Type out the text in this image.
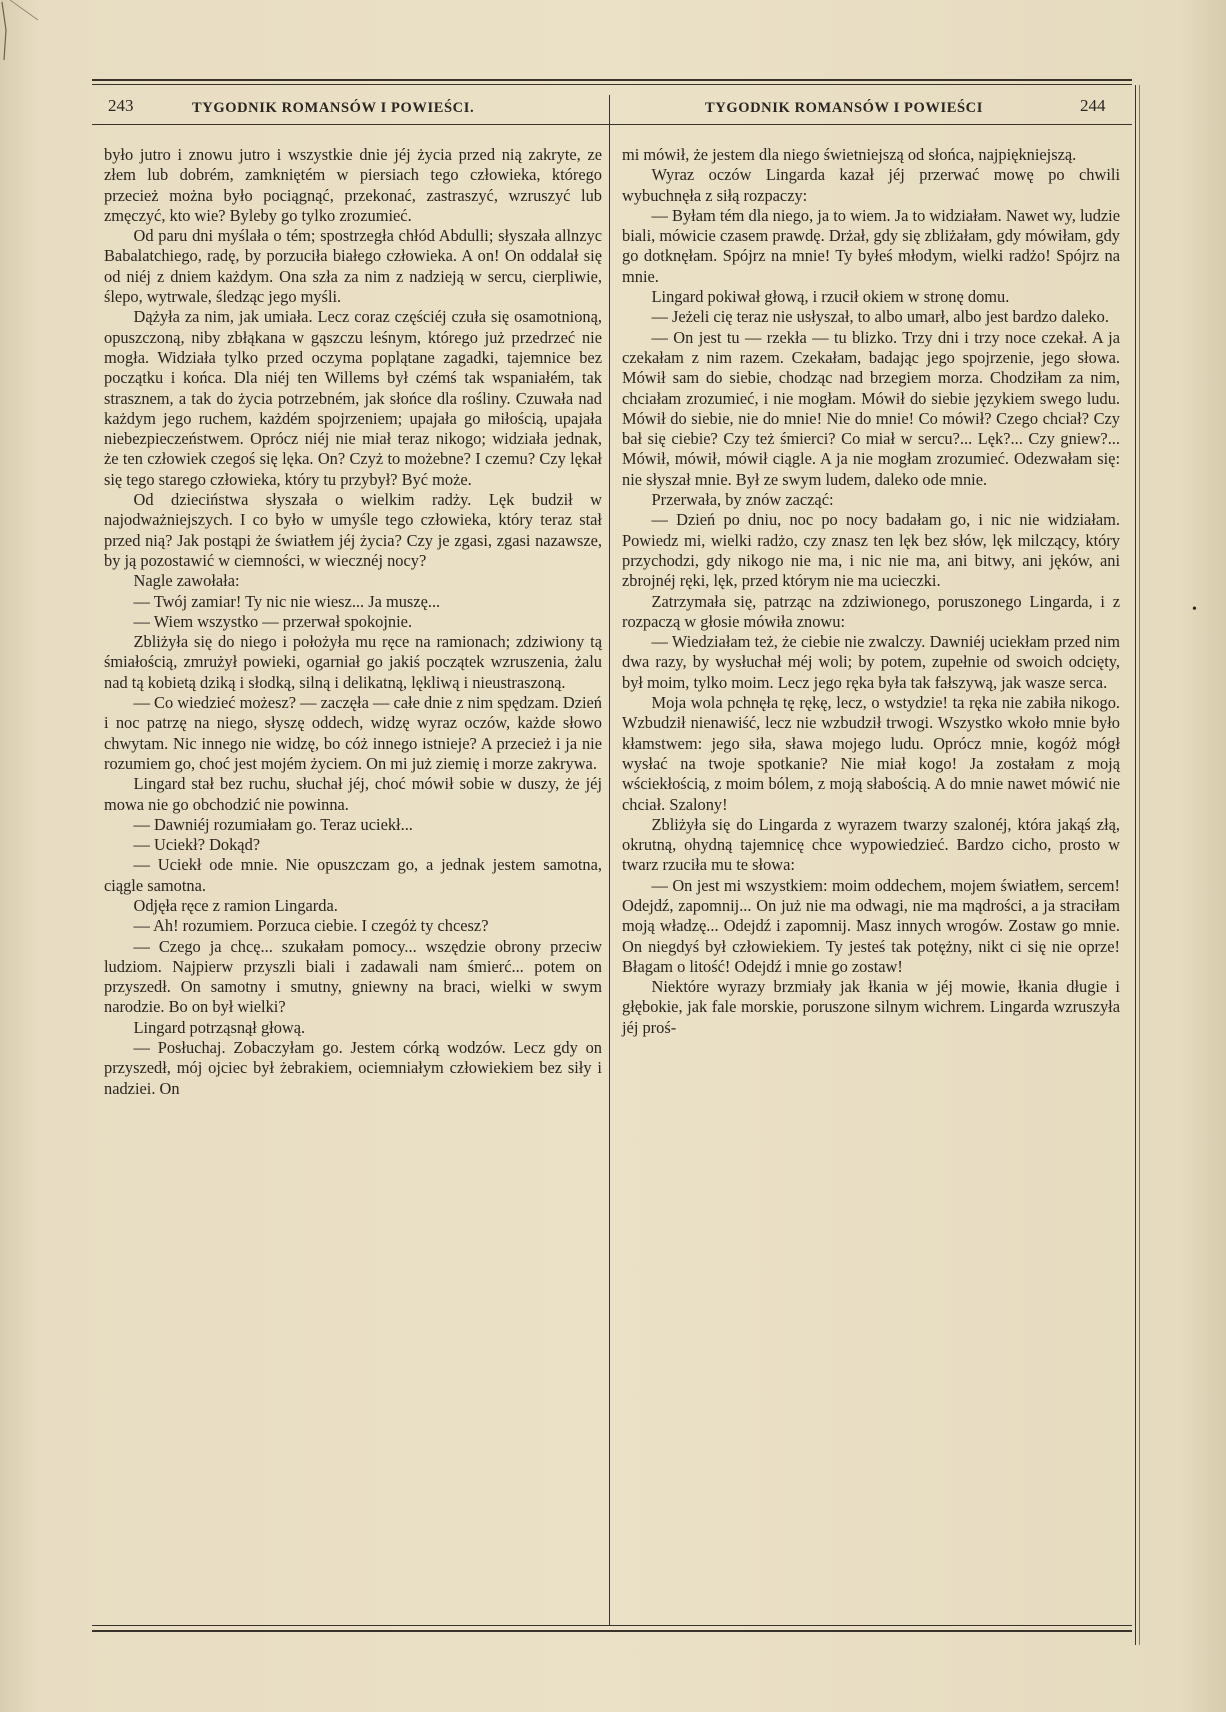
243	TYGODNIK ROMANSÓW I POWIEŚCI.	TYGODNIK ROMANSÓW I POWIEŚCI	244

było jutro i znowu jutro i wszystkie dnie jéj życia przed nią zakryte, ze złem lub dobrém, zamkniętém w piersiach tego człowieka, którego przecież można było pociągnąć, przekonać, zastraszyć, wzruszyć lub zmęczyć, kto wie? Byleby go tylko zrozumieć.

Od paru dni myślała o tém; spostrzegła chłód Abdulli; słyszała allnzyc Babalatchiego, radę, by porzuciła białego człowieka. A on! On oddalał się od niéj z dniem każdym. Ona szła za nim z nadzieją w sercu, cierpliwie, ślepo, wytrwale, śledząc jego myśli.

Dążyła za nim, jak umiała. Lecz coraz częściéj czuła się osamotnioną, opuszczoną, niby zbłąkana w gąszczu leśnym, którego już przedrzeć nie mogła. Widziała tylko przed oczyma poplątane zagadki, tajemnice bez początku i końca. Dla niéj ten Willems był czémś tak wspaniałém, tak strasznem, a tak do życia potrzebném, jak słońce dla rośliny. Czuwała nad każdym jego ruchem, każdém spojrzeniem; upajała go miłością, upajała niebezpieczeństwem. Oprócz niéj nie miał teraz nikogo; widziała jednak, że ten człowiek czegoś się lęka. On? Czyż to możebne? I czemu? Czy lękał się tego starego człowieka, który tu przybył? Być może.

Od dzieciństwa słyszała o wielkim radży. Lęk budził w najodważniejszych. I co było w umyśle tego człowieka, który teraz stał przed nią? Jak postąpi że światłem jéj życia? Czy je zgasi, zgasi nazawsze, by ją pozostawić w ciemności, w wiecznéj nocy?

Nagle zawołała:

— Twój zamiar! Ty nic nie wiesz... Ja muszę...

— Wiem wszystko — przerwał spokojnie.

Zbliżyła się do niego i położyła mu ręce na ramionach; zdziwiony tą śmiałością, zmrużył powieki, ogarniał go jakiś początek wzruszenia, żalu nad tą kobietą dziką i słodką, silną i delikatną, lękliwą i nieustraszoną.

— Co wiedzieć możesz? — zaczęła — całe dnie z nim spędzam. Dzień i noc patrzę na niego, słyszę oddech, widzę wyraz oczów, każde słowo chwytam. Nic innego nie widzę, bo cóż innego istnieje? A przecież i ja nie rozumiem go, choć jest mojém życiem. On mi już ziemię i morze zakrywa.

Lingard stał bez ruchu, słuchał jéj, choć mówił sobie w duszy, że jéj mowa nie go obchodzić nie powinna.

— Dawniéj rozumiałam go. Teraz uciekł...

— Uciekł? Dokąd?

— Uciekł ode mnie. Nie opuszczam go, a jednak jestem samotna, ciągle samotna.

Odjęła ręce z ramion Lingarda.

— Ah! rozumiem. Porzuca ciebie. I czegóż ty chcesz?

— Czego ja chcę... szukałam pomocy... wszędzie obrony przeciw ludziom. Najpierw przyszli biali i zadawali nam śmierć... potem on przyszedł. On samotny i smutny, gniewny na braci, wielki w swym narodzie. Bo on był wielki?

Lingard potrząsnął głową.

— Posłuchaj. Zobaczyłam go. Jestem córką wodzów. Lecz gdy on przyszedł, mój ojciec był żebrakiem, ociemniałym człowiekiem bez siły i nadziei. On

mi mówił, że jestem dla niego świetniejszą od słońca, najpiękniejszą.

Wyraz oczów Lingarda kazał jéj przerwać mowę po chwili wybuchnęła z siłą rozpaczy:

— Byłam tém dla niego, ja to wiem. Ja to widziałam. Nawet wy, ludzie biali, mówicie czasem prawdę. Drżał, gdy się zbliżałam, gdy mówiłam, gdy go dotknęłam. Spójrz na mnie! Ty byłeś młodym, wielki radżo! Spójrz na mnie.

Lingard pokiwał głową, i rzucił okiem w stronę domu.

— Jeżeli cię teraz nie usłyszał, to albo umarł, albo jest bardzo daleko.

— On jest tu — rzekła — tu blizko. Trzy dni i trzy noce czekał. A ja czekałam z nim razem. Czekałam, badając jego spojrzenie, jego słowa. Mówił sam do siebie, chodząc nad brzegiem morza. Chodziłam za nim, chciałam zrozumieć, i nie mogłam. Mówił do siebie językiem swego ludu. Mówił do siebie, nie do mnie! Nie do mnie! Co mówił? Czego chciał? Czy bał się ciebie? Czy też śmierci? Co miał w sercu?... Lęk?... Czy gniew?... Mówił, mówił, mówił ciągle. A ja nie mogłam zrozumieć. Odezwałam się: nie słyszał mnie. Był ze swym ludem, daleko ode mnie.

Przerwała, by znów zacząć:

— Dzień po dniu, noc po nocy badałam go, i nic nie widziałam. Powiedz mi, wielki radżo, czy znasz ten lęk bez słów, lęk milczący, który przychodzi, gdy nikogo nie ma, i nic nie ma, ani bitwy, ani jęków, ani zbrojnéj ręki, lęk, przed którym nie ma ucieczki.

Zatrzymała się, patrząc na zdziwionego, poruszonego Lingarda, i z rozpaczą w głosie mówiła znowu:

— Wiedziałam też, że ciebie nie zwalczy. Dawniéj uciekłam przed nim dwa razy, by wysłuchał méj woli; by potem, zupełnie od swoich odcięty, był moim, tylko moim. Lecz jego ręka była tak fałszywą, jak wasze serca.

Moja wola pchnęła tę rękę, lecz, o wstydzie! ta ręka nie zabiła nikogo. Wzbudził nienawiść, lecz nie wzbudził trwogi. Wszystko wkoło mnie było kłamstwem: jego siła, sława mojego ludu. Oprócz mnie, kogóż mógł wysłać na twoje spotkanie? Nie miał kogo! Ja zostałam z moją wściekłością, z moim bólem, z moją słabością. A do mnie nawet mówić nie chciał. Szalony!

Zbliżyła się do Lingarda z wyrazem twarzy szalonéj, która jakąś złą, okrutną, ohydną tajemnicę chce wypowiedzieć. Bardzo cicho, prosto w twarz rzuciła mu te słowa:

— On jest mi wszystkiem: moim oddechem, mojem światłem, sercem! Odejdź, zapomnij... On już nie ma odwagi, nie ma mądrości, a ja straciłam moją władzę... Odejdź i zapomnij. Masz innych wrogów. Zostaw go mnie. On niegdyś był człowiekiem. Ty jesteś tak potężny, nikt ci się nie oprze! Błagam o litość! Odejdź i mnie go zostaw!

Niektóre wyrazy brzmiały jak łkania w jéj mowie, łkania długie i głębokie, jak fale morskie, poruszone silnym wichrem. Lingarda wzruszyła jéj proś-

•
